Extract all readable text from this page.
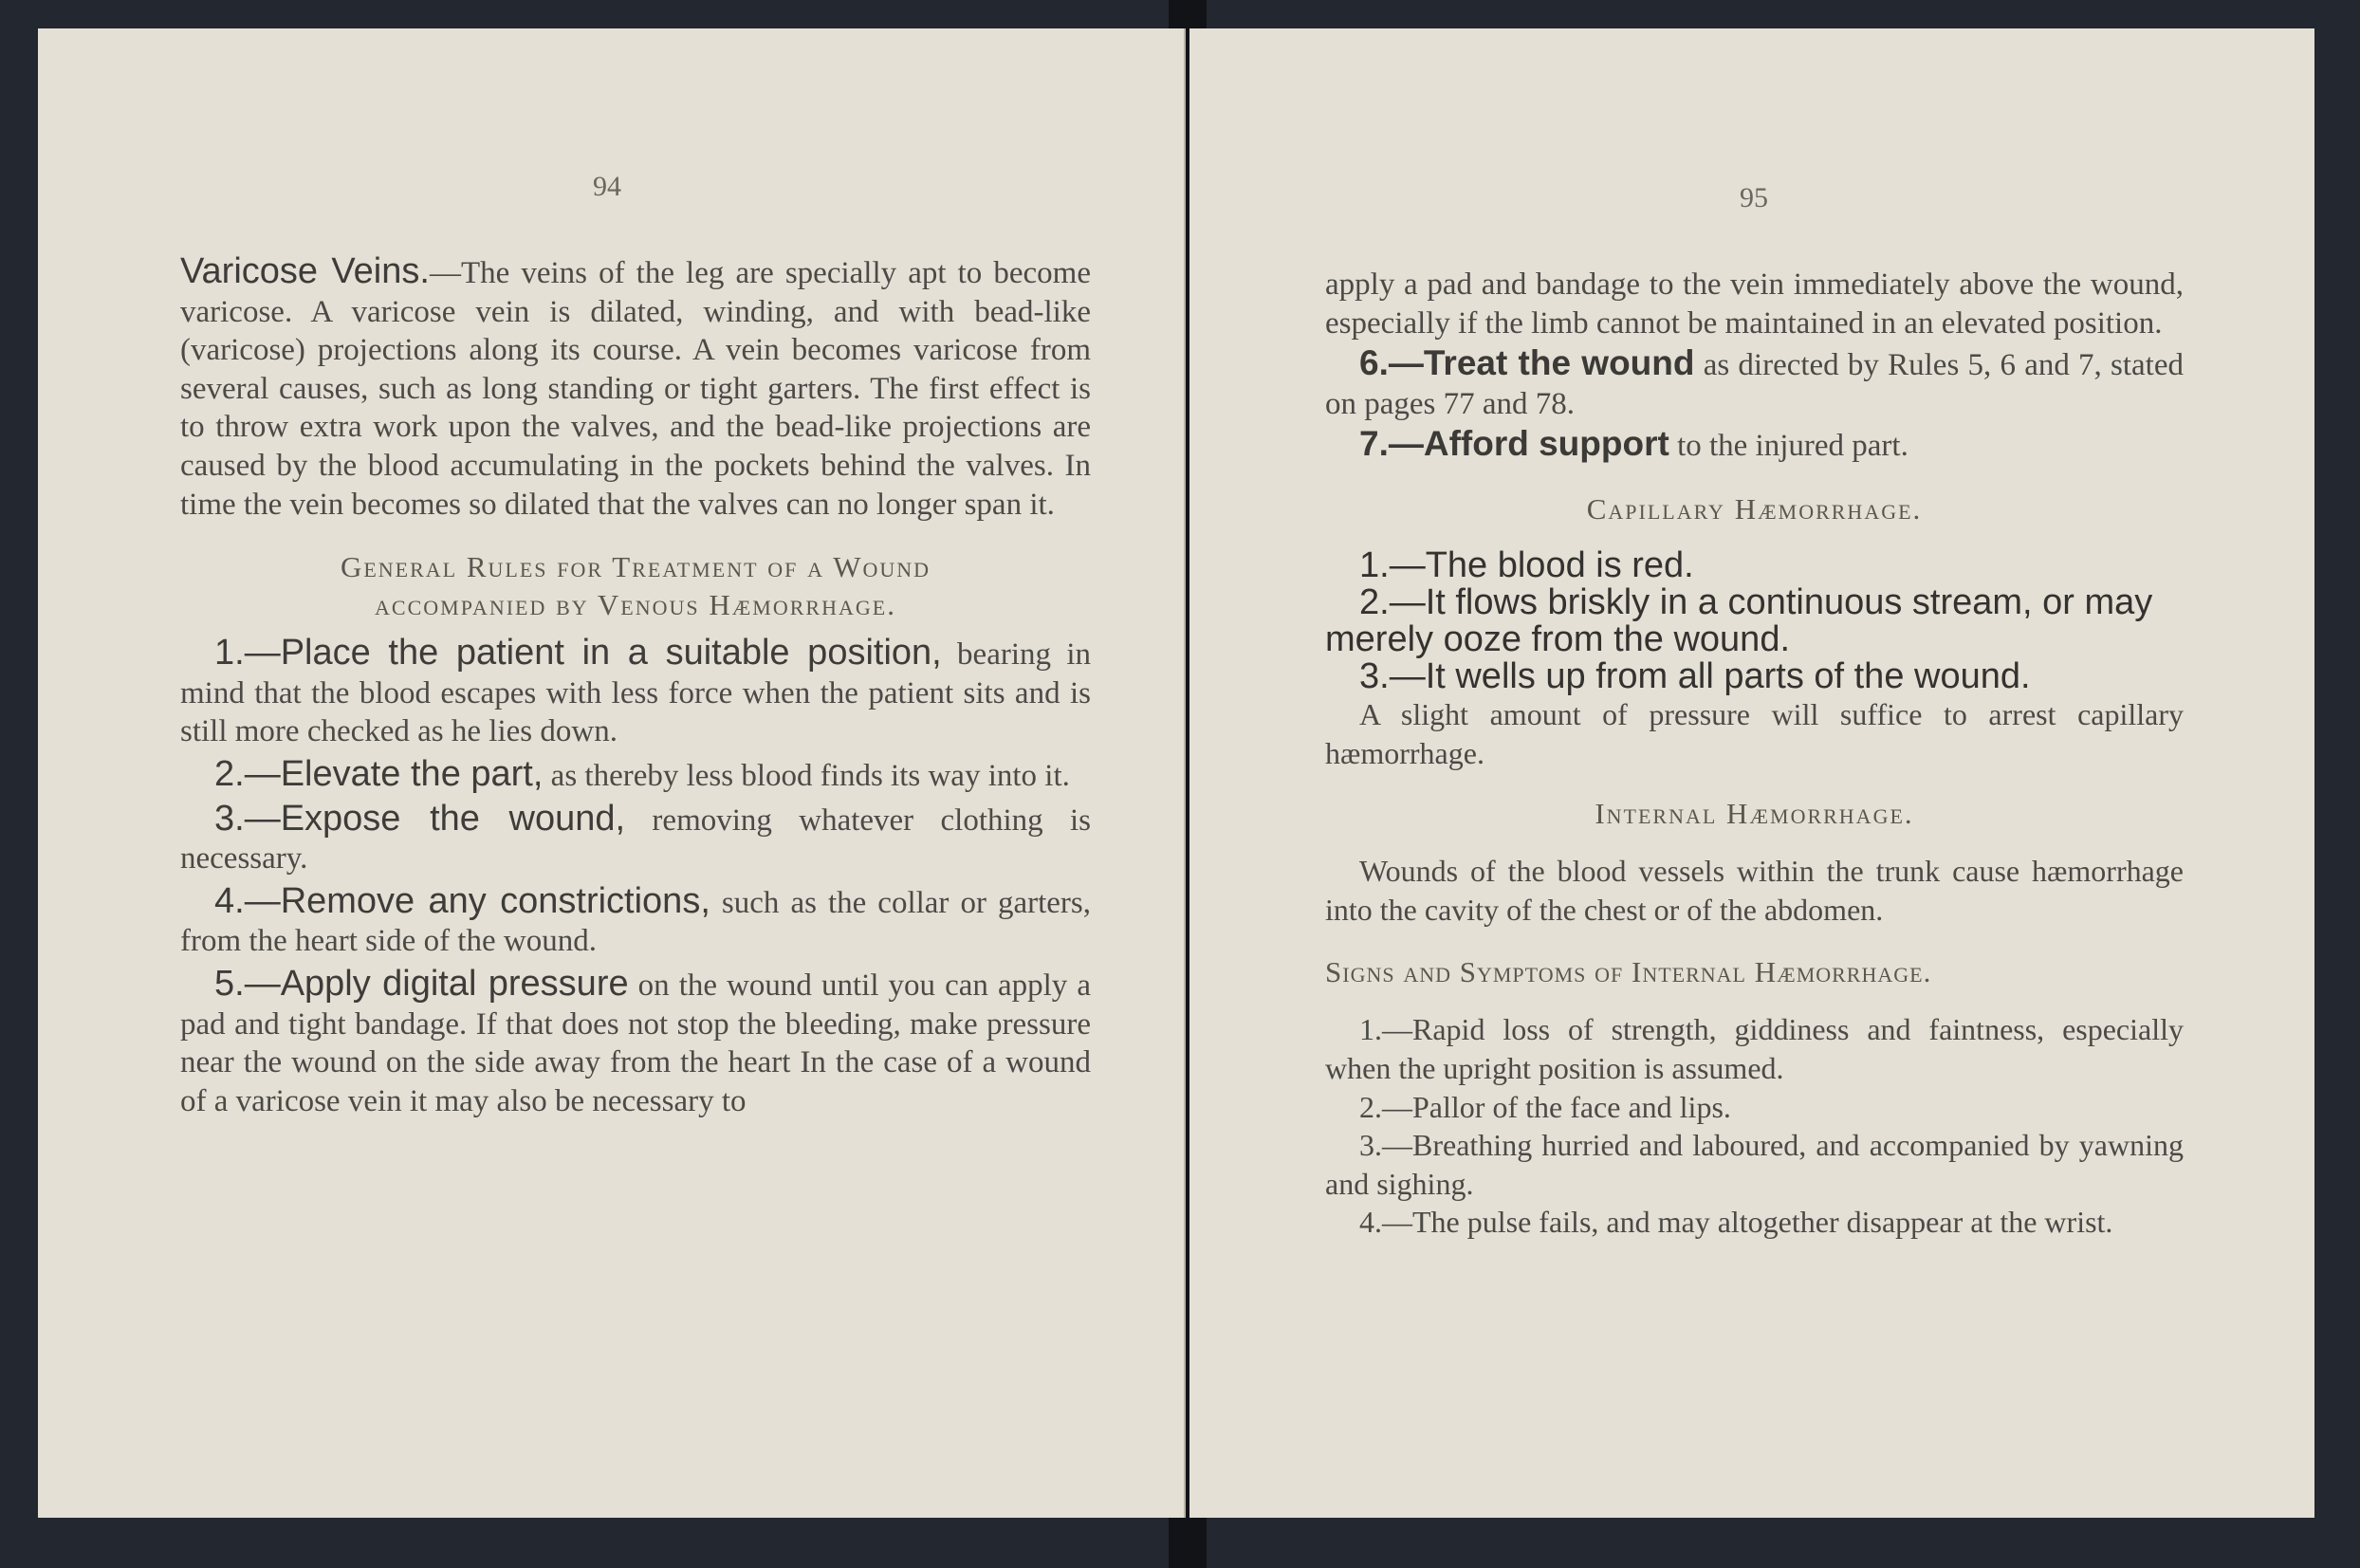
94

Varicose Veins.—The veins of the leg are specially apt to become varicose. A varicose vein is dilated, winding, and with bead-like (varicose) projections along its course. A vein becomes varicose from several causes, such as long standing or tight garters. The first effect is to throw extra work upon the valves, and the bead-like projections are caused by the blood accumulating in the pockets behind the valves. In time the vein becomes so dilated that the valves can no longer span it.

General Rules for Treatment of a Wound

accompanied by Venous Hæmorrhage.

1.—Place the patient in a suitable position, bearing in mind that the blood escapes with less force when the patient sits and is still more checked as he lies down.

2.—Elevate the part, as thereby less blood finds its way into it.

3.—Expose the wound, removing whatever clothing is necessary.

4.—Remove any constrictions, such as the collar or garters, from the heart side of the wound.

5.—Apply digital pressure on the wound until you can apply a pad and tight bandage. If that does not stop the bleeding, make pressure near the wound on the side away from the heart In the case of a wound of a varicose vein it may also be necessary to

95

apply a pad and bandage to the vein immediately above the wound, especially if the limb cannot be maintained in an elevated position.

6.—Treat the wound as directed by Rules 5, 6 and 7, stated on pages 77 and 78.

7.—Afford support to the injured part.

Capillary Hæmorrhage.

1.—The blood is red.

2.—It flows briskly in a continuous stream, or may merely ooze from the wound.

3.—It wells up from all parts of the wound.

A slight amount of pressure will suffice to arrest capillary hæmorrhage.

Internal Hæmorrhage.

Wounds of the blood vessels within the trunk cause hæmorrhage into the cavity of the chest or of the abdomen.

Signs and Symptoms of Internal Hæmorrhage.

1.—Rapid loss of strength, giddiness and faintness, especially when the upright position is assumed.

2.—Pallor of the face and lips.

3.—Breathing hurried and laboured, and accompanied by yawning and sighing.

4.—The pulse fails, and may altogether disappear at the wrist.
